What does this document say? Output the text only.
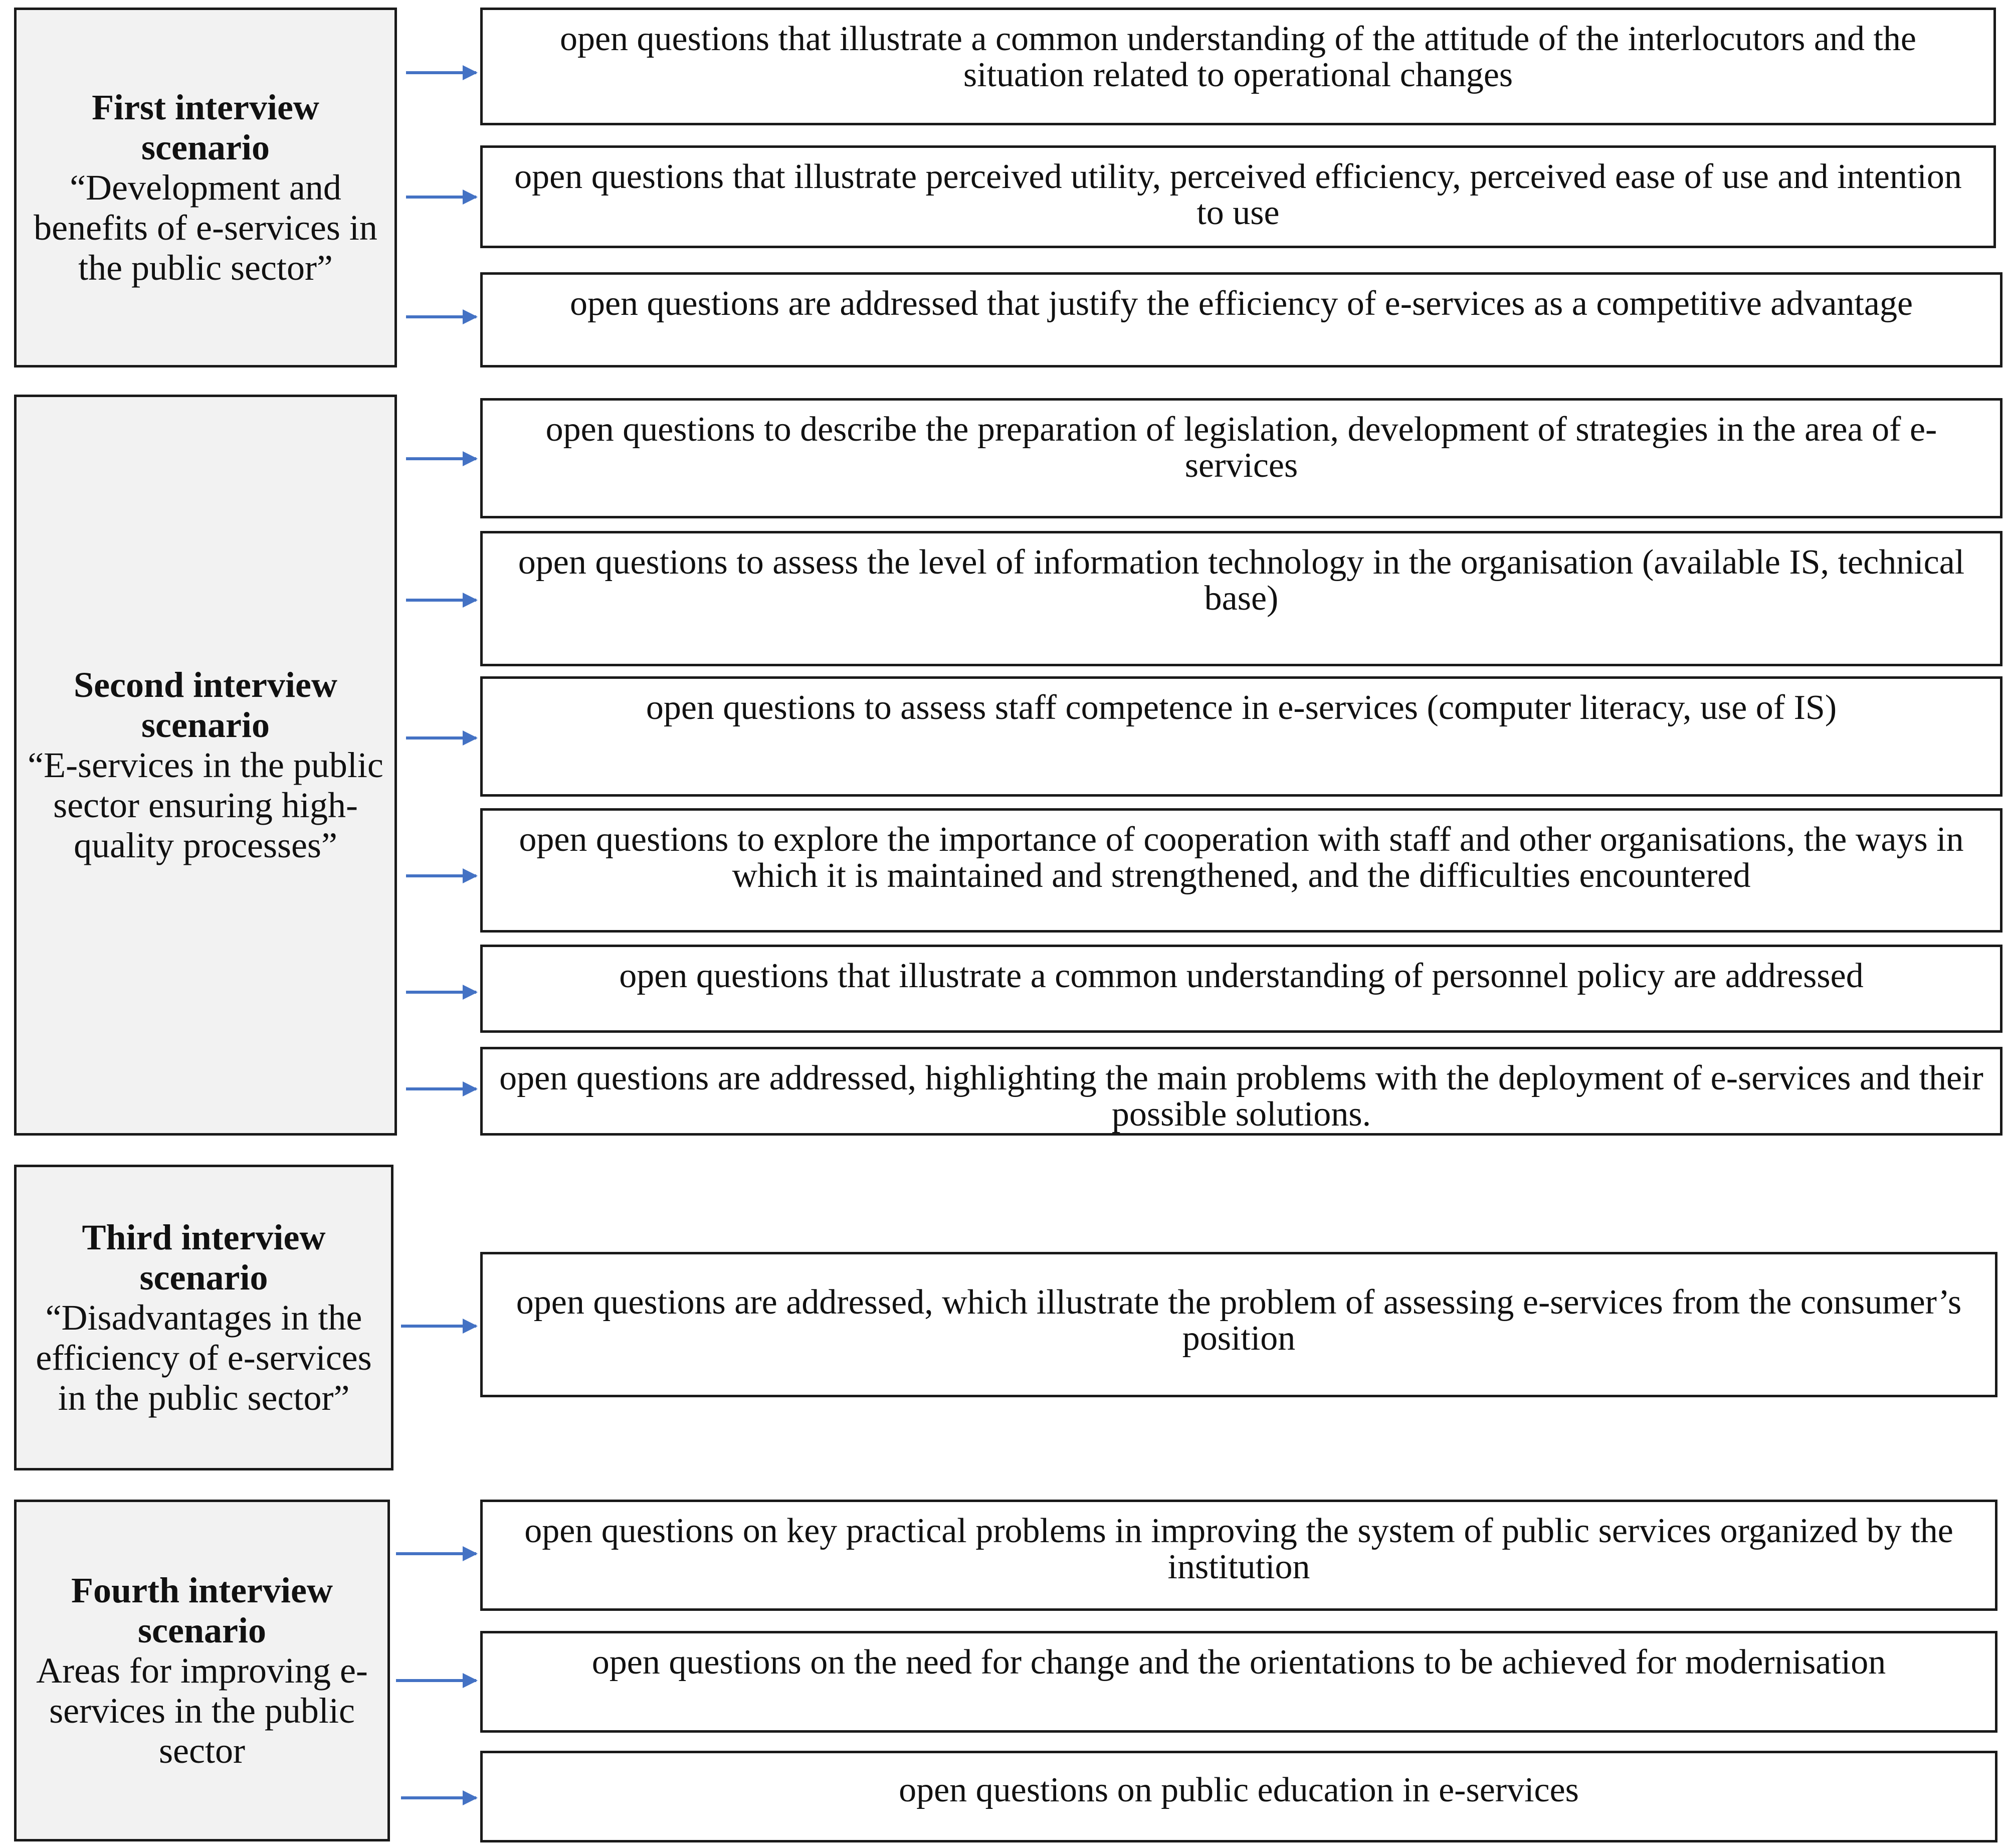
First interview scenario
“Development and benefits of e-services in the public sector”
Second interview scenario
“E-services in the public sector ensuring high-quality processes”
Third interview scenario
“Disadvantages in the efficiency of e-services in the public sector”
Fourth interview scenario
Areas for improving e-services in the public sector
open questions that illustrate a common understanding of the attitude of the interlocutors and the situation related to operational changes
open questions that illustrate perceived utility, perceived efficiency, perceived ease of use and intention to use
open questions are addressed that justify the efficiency of e-services as a competitive advantage
open questions to describe the preparation of legislation, development of strategies in the area of e-services
open questions to assess the level of information technology in the organisation (available IS, technical base)
open questions to assess staff competence in e-services (computer literacy, use of IS)
open questions to explore the importance of cooperation with staff and other organisations, the ways in which it is maintained and strengthened, and the difficulties encountered
open questions that illustrate a common understanding of personnel policy are addressed
open questions are addressed, highlighting the main problems with the deployment of e-services and their possible solutions.
open questions are addressed, which illustrate the problem of assessing e-services from the consumer’s position
open questions on key practical problems in improving the system of public services organized by the institution
open questions on the need for change and the orientations to be achieved for modernisation
open questions on public education in e-services
